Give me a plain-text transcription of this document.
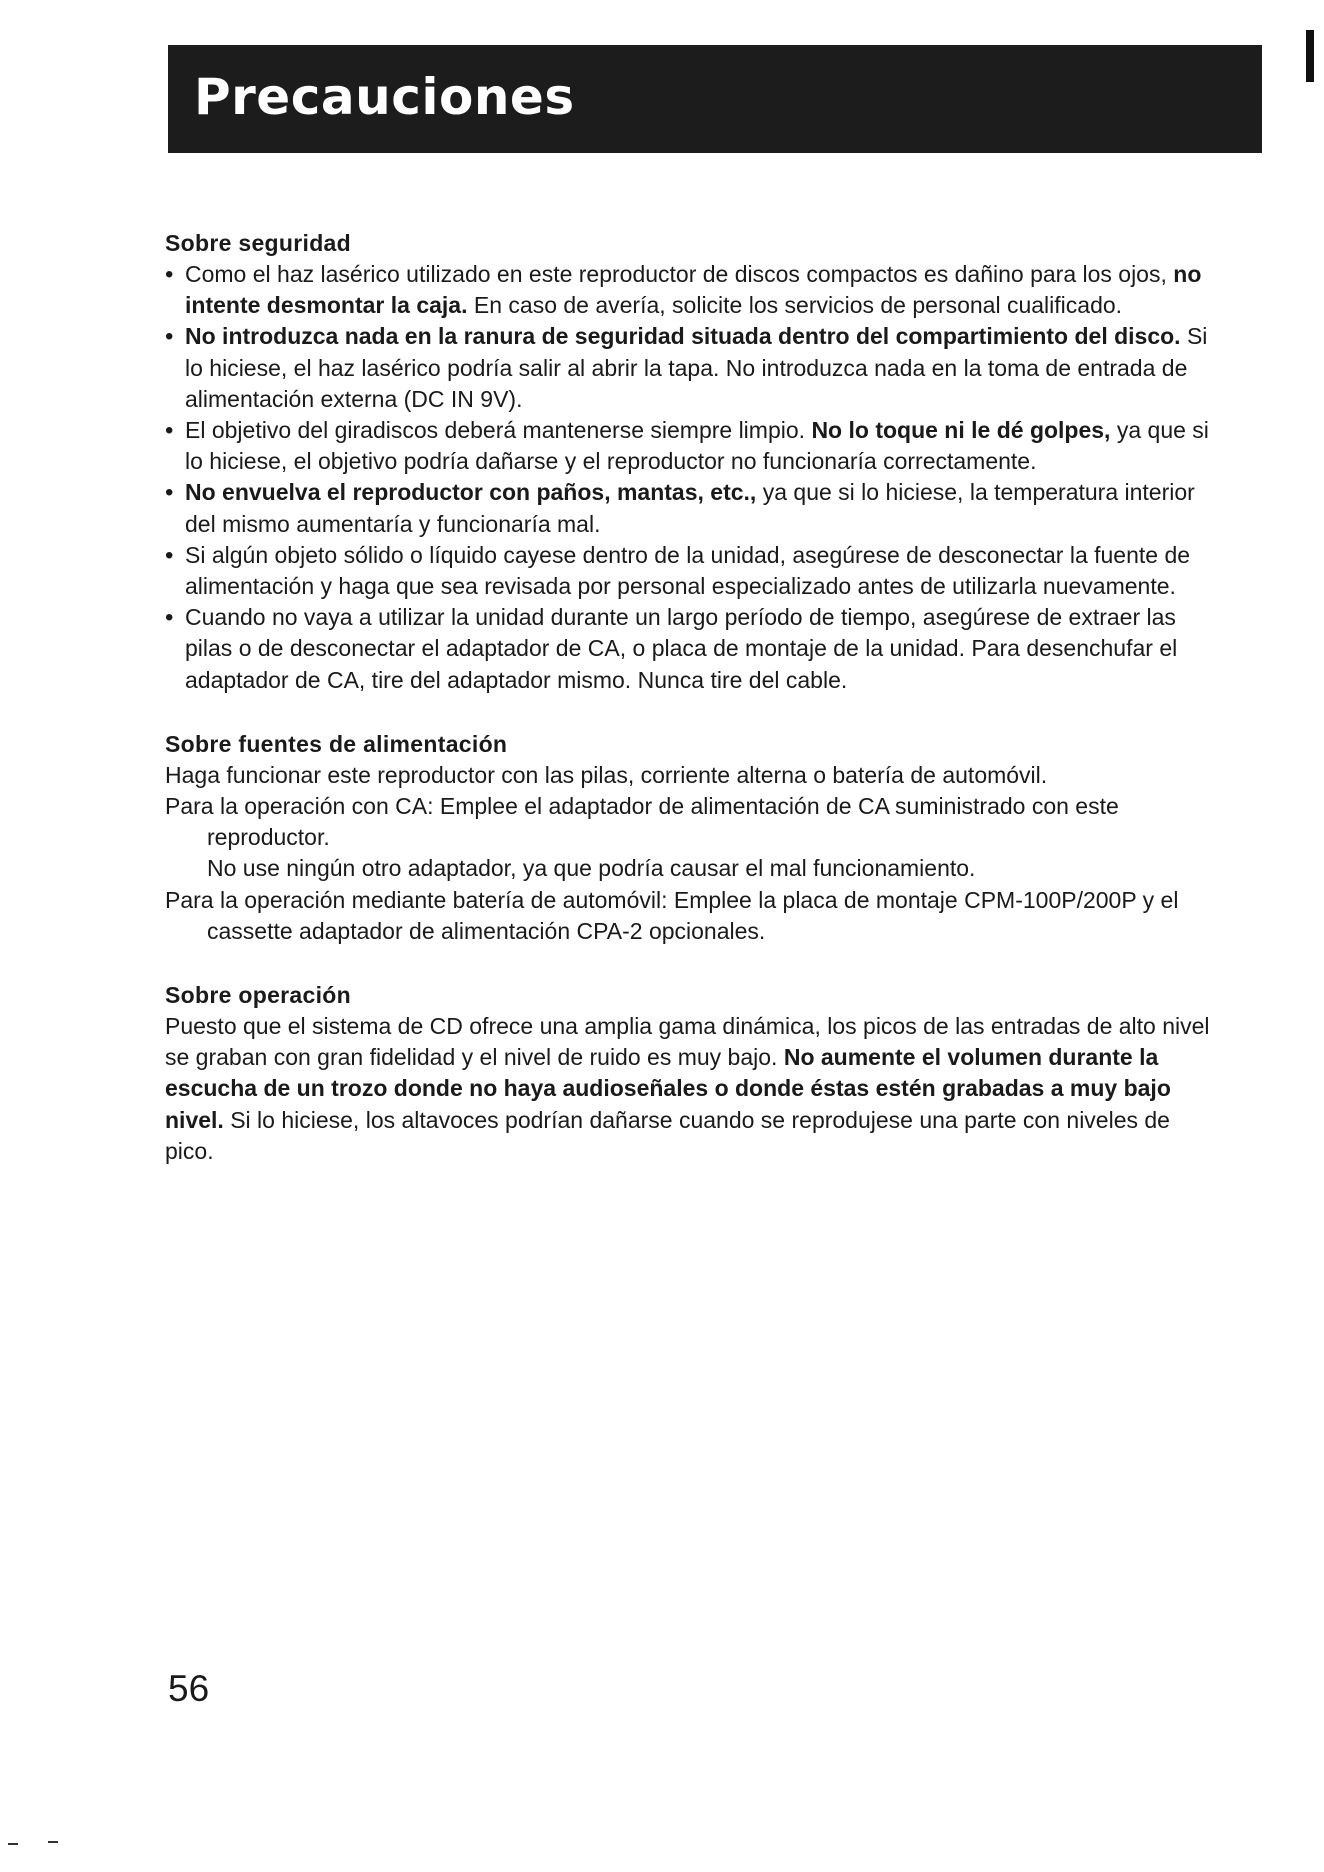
Precauciones
Sobre seguridad
• Como el haz lasérico utilizado en este reproductor de discos compactos es dañino para los ojos, no intente desmontar la caja. En caso de avería, solicite los servicios de personal cualificado.
• No introduzca nada en la ranura de seguridad situada dentro del compartimiento del disco. Si lo hiciese, el haz lasérico podría salir al abrir la tapa. No introduzca nada en la toma de entrada de alimentación externa (DC IN 9V).
• El objetivo del giradiscos deberá mantenerse siempre limpio. No lo toque ni le dé golpes, ya que si lo hiciese, el objetivo podría dañarse y el reproductor no funcionaría correctamente.
• No envuelva el reproductor con paños, mantas, etc., ya que si lo hiciese, la temperatura interior del mismo aumentaría y funcionaría mal.
• Si algún objeto sólido o líquido cayese dentro de la unidad, asegúrese de desconectar la fuente de alimentación y haga que sea revisada por personal especializado antes de utilizarla nuevamente.
• Cuando no vaya a utilizar la unidad durante un largo período de tiempo, asegúrese de extraer las pilas o de desconectar el adaptador de CA, o placa de montaje de la unidad. Para desenchufar el adaptador de CA, tire del adaptador mismo. Nunca tire del cable.
Sobre fuentes de alimentación

Haga funcionar este reproductor con las pilas, corriente alterna o batería de automóvil.

Para la operación con CA: Emplee el adaptador de alimentación de CA suministrado con este reproductor.

No use ningún otro adaptador, ya que podría causar el mal funcionamiento.

Para la operación mediante batería de automóvil: Emplee la placa de montaje CPM-100P/200P y el cassette adaptador de alimentación CPA-2 opcionales.

Sobre operación

Puesto que el sistema de CD ofrece una amplia gama dinámica, los picos de las entradas de alto nivel se graban con gran fidelidad y el nivel de ruido es muy bajo. No aumente el volumen durante la escucha de un trozo donde no haya audioseñales o donde éstas estén grabadas a muy bajo nivel. Si lo hiciese, los altavoces podrían dañarse cuando se reprodujese una parte con niveles de pico.

56
